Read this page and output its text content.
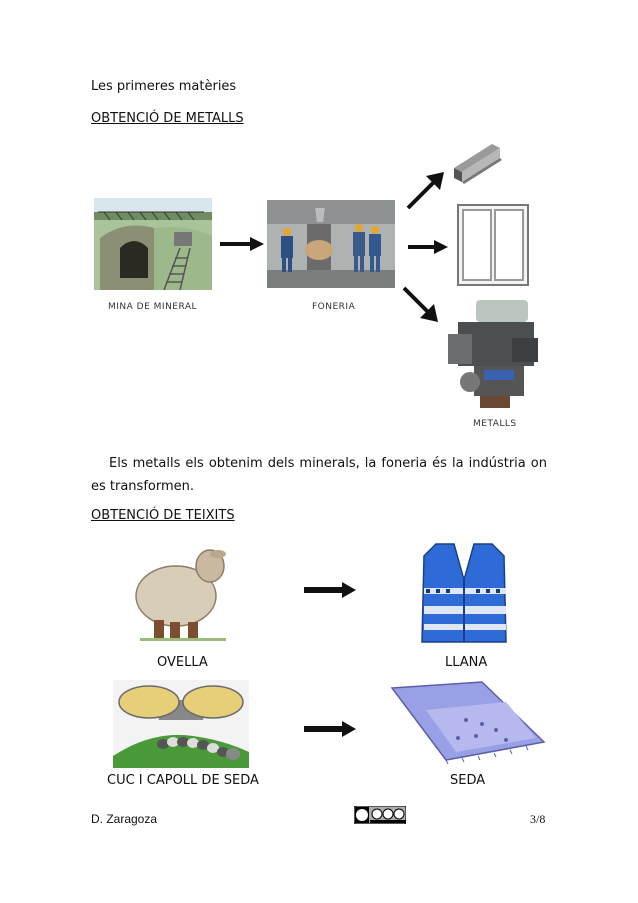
Les primeres matèries
OBTENCIÓ DE METALLS
MINA DE MINERAL	FONERIA
METALLS
Els metalls els obtenim dels minerals, la foneria és la indústria on es transformen.
OBTENCIÓ DE TEIXITS
OVELLA	LLANA
CUC I CAPOLL DE SEDA	SEDA
D. Zaragoza	3/8
